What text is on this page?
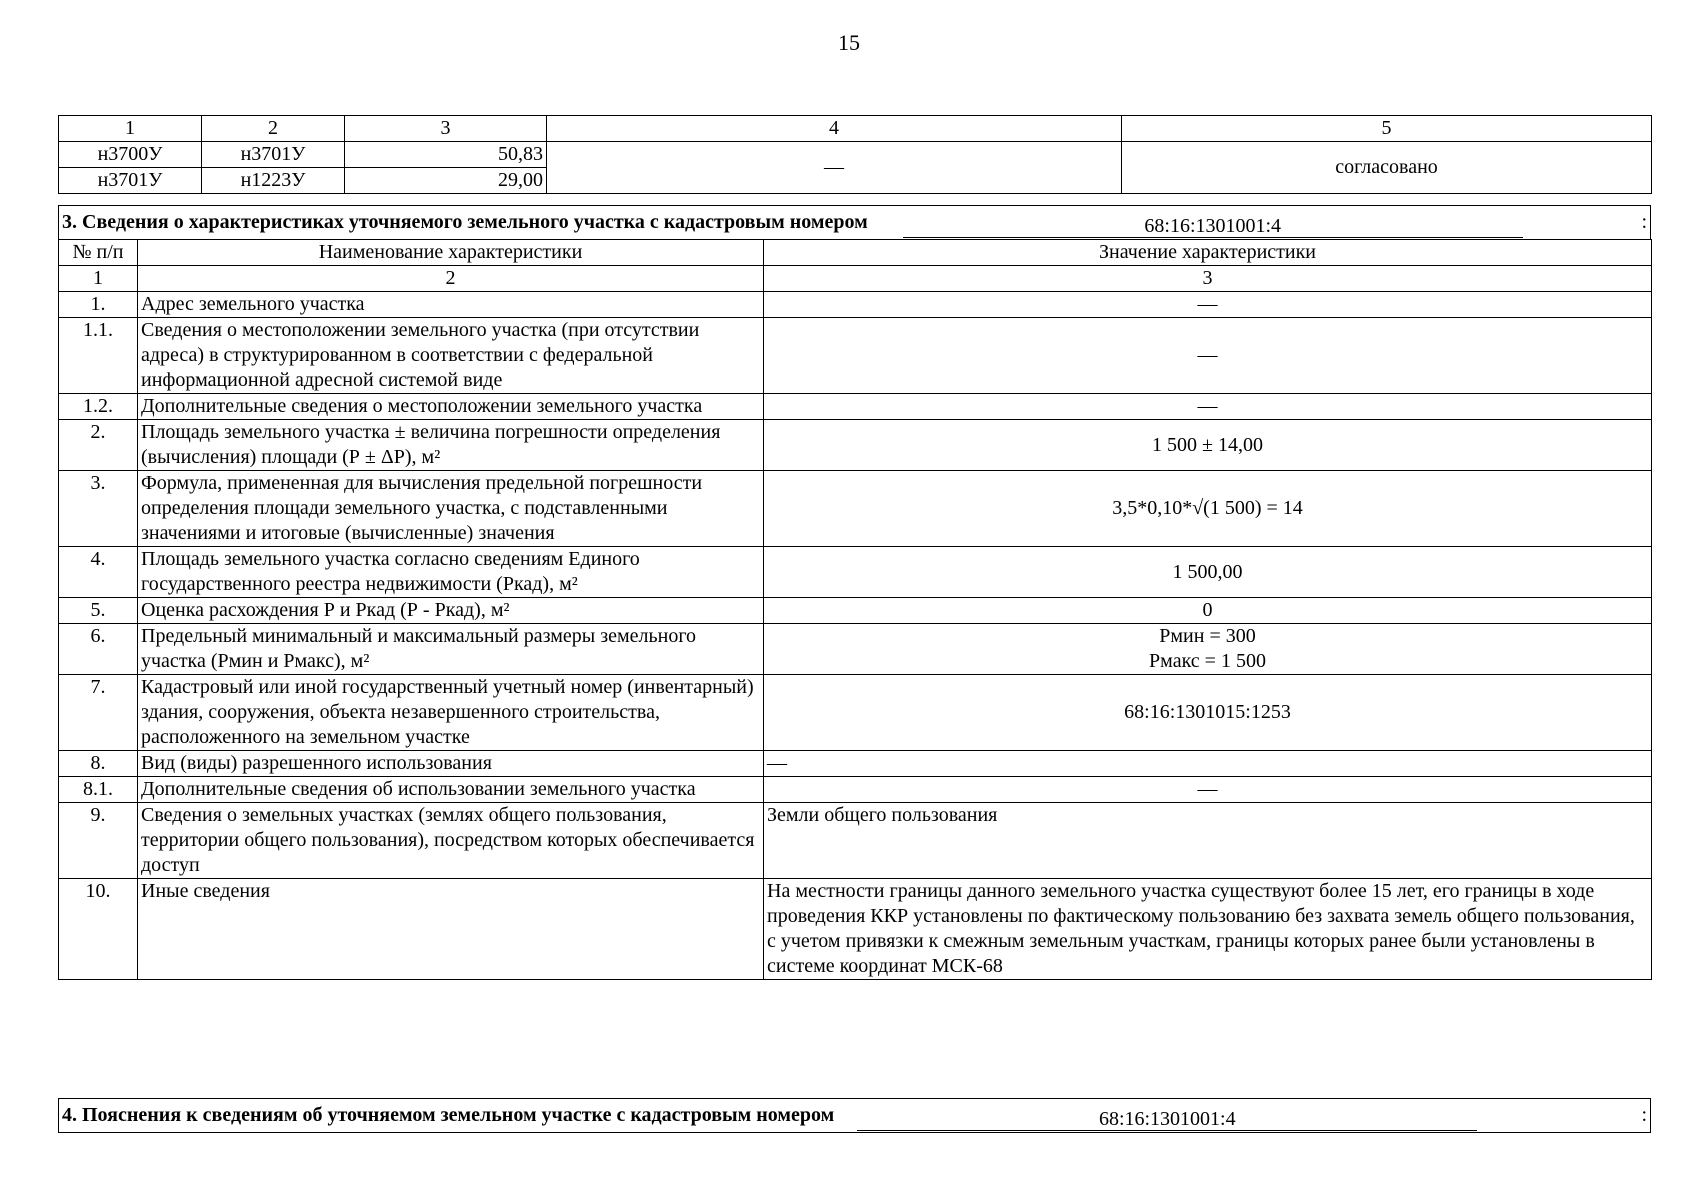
15
1	2	3	4	5
н3700У	н3701У	50,83	—	согласовано
н3701У	н1223У	29,00		
3. Сведения о характеристиках уточняемого земельного участка с кадастровым номером	68:16:1301001:4	:
№ п/п	Наименование характеристики	Значение характеристики
1	2	3
1.	Адрес земельного участка	—
1.1.	Сведения о местоположении земельного участка (при отсутствии адреса) в структурированном в соответствии с федеральной информационной адресной системой виде	—
1.2.	Дополнительные сведения о местоположении земельного участка	—
2.	Площадь земельного участка ± величина погрешности определения (вычисления) площади (Р ± ΔР), м²	1 500 ± 14,00
3.	Формула, примененная для вычисления предельной погрешности определения площади земельного участка, с подставленными значениями и итоговые (вычисленные) значения	3,5*0,10*√(1 500) = 14
4.	Площадь земельного участка согласно сведениям Единого государственного реестра недвижимости (Ркад), м²	1 500,00
5.	Оценка расхождения Р и Ркад (Р - Ркад), м²	0
6.	Предельный минимальный и максимальный размеры земельного участка (Рмин и Рмакс), м²	Рмин = 300
Рмакс = 1 500

7.	Кадастровый или иной государственный учетный номер (инвентарный) здания, сооружения, объекта незавершенного строительства, расположенного на земельном участке	68:16:1301015:1253
8.	Вид (виды) разрешенного использования	—
8.1.	Дополнительные сведения об использовании земельного участка	—
9.	Сведения о земельных участках (землях общего пользования, территории общего пользования), посредством которых обеспечивается доступ	Земли общего пользования
10.	Иные сведения	На местности границы данного земельного участка существуют более 15 лет, его границы в ходе проведения ККР установлены по фактическому пользованию без захвата земель общего пользования, с учетом привязки к смежным земельным участкам, границы которых ранее были установлены в системе координат МСК-68
4. Пояснения к сведениям об уточняемом земельном участке с кадастровым номером	68:16:1301001:4	:
